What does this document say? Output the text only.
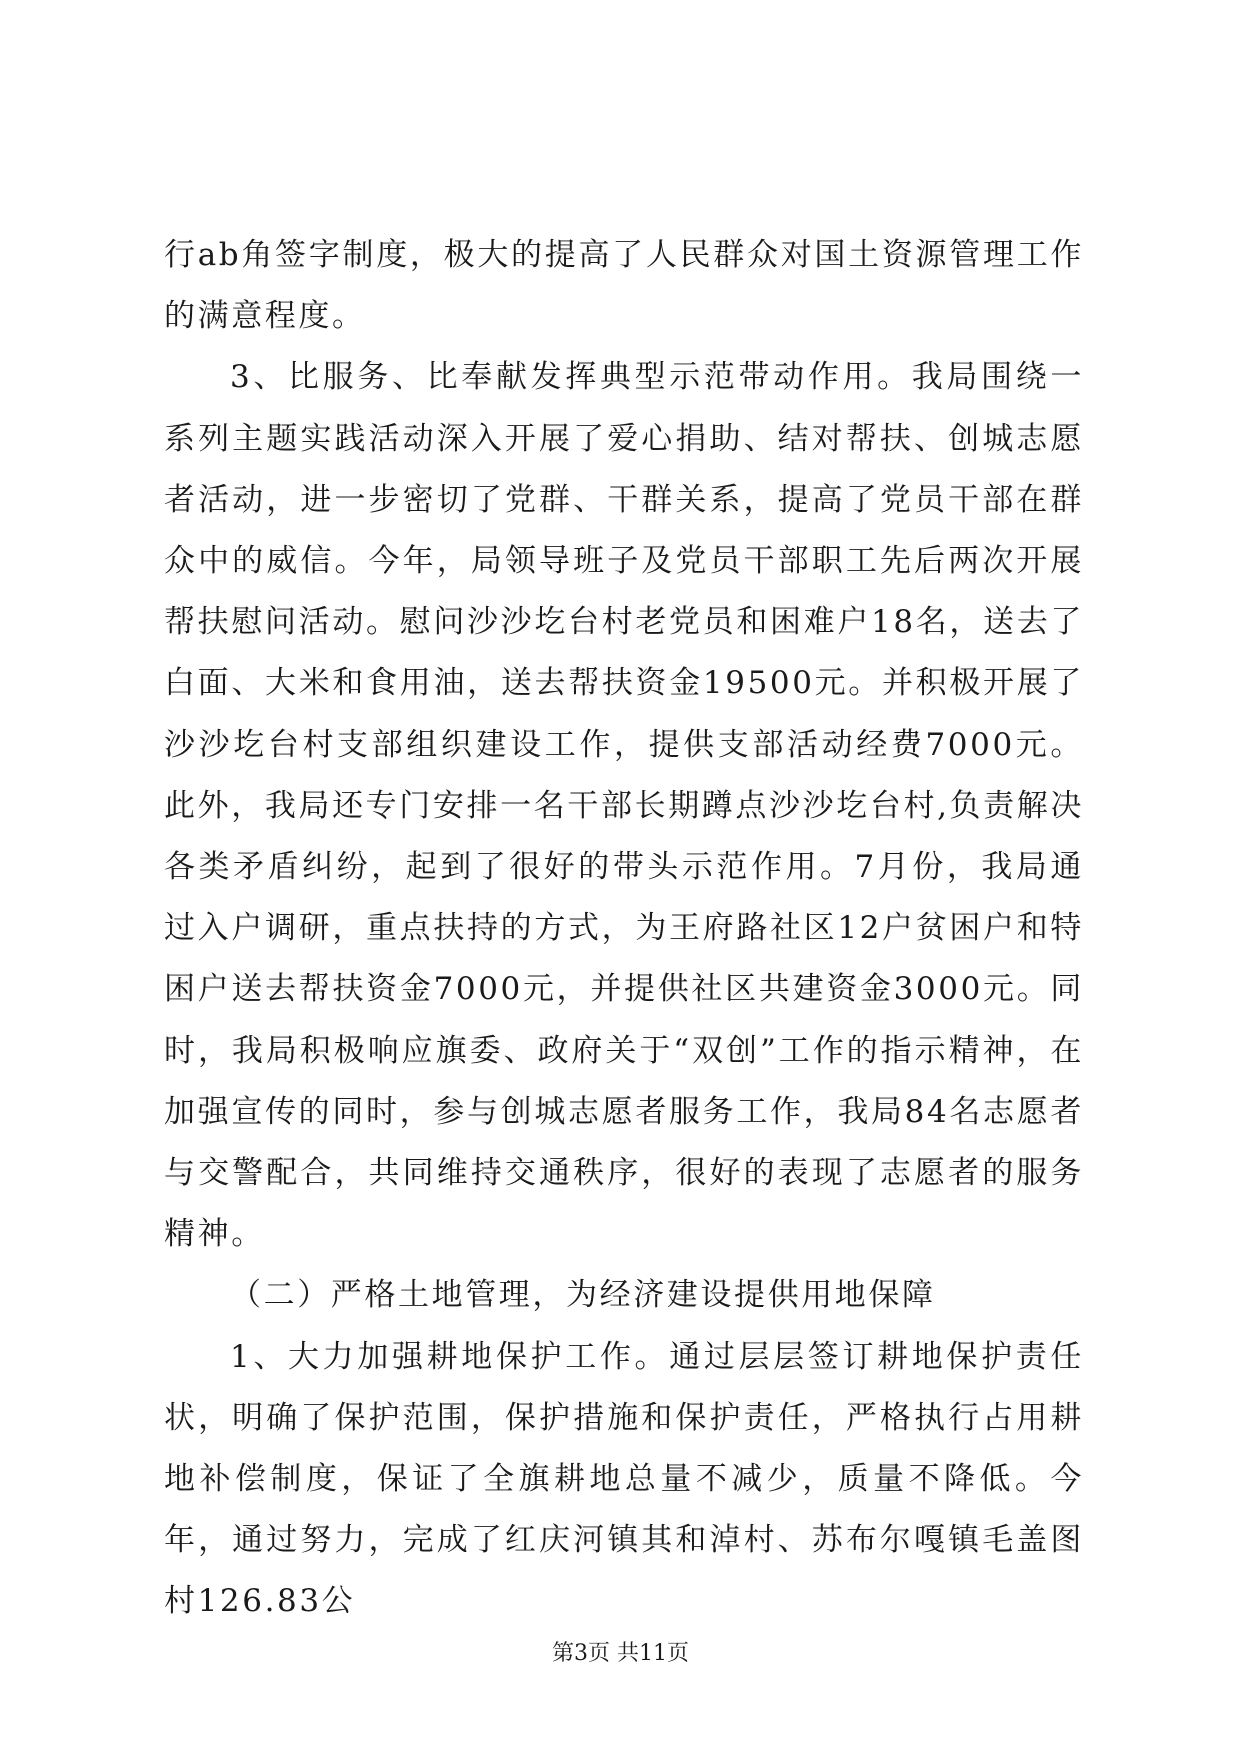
行ab角签字制度，极大的提高了人民群众对国土资源管理工作的满意程度。

3、比服务、比奉献发挥典型示范带动作用。我局围绕一系列主题实践活动深入开展了爱心捐助、结对帮扶、创城志愿者活动，进一步密切了党群、干群关系，提高了党员干部在群众中的威信。今年，局领导班子及党员干部职工先后两次开展帮扶慰问活动。慰问沙沙圪台村老党员和困难户18名，送去了白面、大米和食用油，送去帮扶资金19500元。并积极开展了沙沙圪台村支部组织建设工作，提供支部活动经费7000元。此外，我局还专门安排一名干部长期蹲点沙沙圪台村,负责解决各类矛盾纠纷，起到了很好的带头示范作用。7月份，我局通过入户调研，重点扶持的方式，为王府路社区12户贫困户和特困户送去帮扶资金7000元，并提供社区共建资金3000元。同时，我局积极响应旗委、政府关于“双创”工作的指示精神，在加强宣传的同时，参与创城志愿者服务工作，我局84名志愿者与交警配合，共同维持交通秩序，很好的表现了志愿者的服务精神。

（二）严格土地管理，为经济建设提供用地保障

1、大力加强耕地保护工作。通过层层签订耕地保护责任状，明确了保护范围，保护措施和保护责任，严格执行占用耕地补偿制度，保证了全旗耕地总量不减少，质量不降低。今年，通过努力，完成了红庆河镇其和淖村、苏布尔嘎镇毛盖图村126.83公

第3页 共11页
